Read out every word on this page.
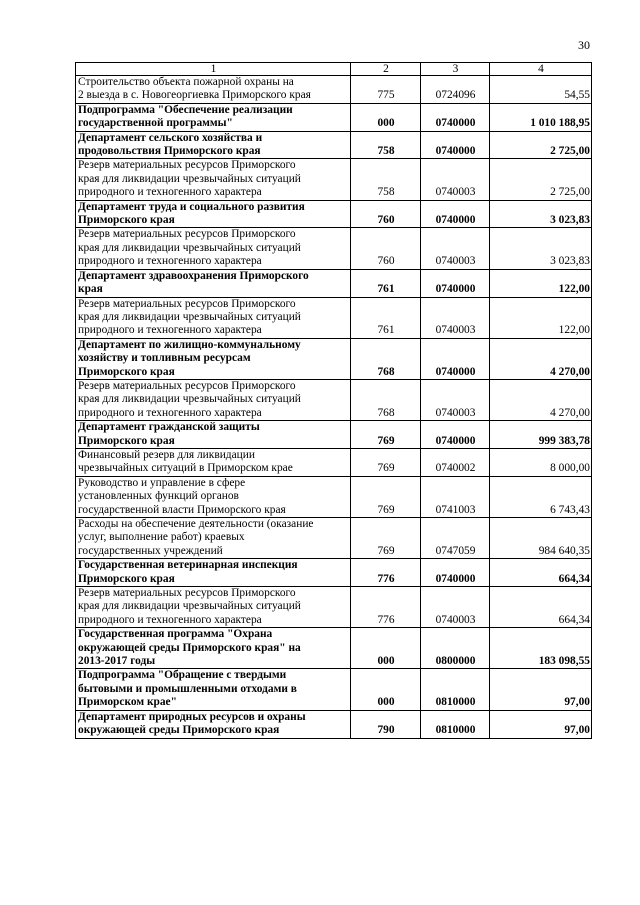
30
1	2	3	4
Строительство объекта пожарной охраны на
2 выезда в с. Новогеоргиевка Приморского края	775	0724096	54,55
Подпрограмма "Обеспечение реализации
государственной программы"	000	0740000	1 010 188,95
Департамент сельского хозяйства и
продовольствия Приморского края	758	0740000	2 725,00
Резерв материальных ресурсов Приморского
края для ликвидации чрезвычайных ситуаций
природного и техногенного характера	758	0740003	2 725,00
Департамент труда и социального развития
Приморского края	760	0740000	3 023,83
Резерв материальных ресурсов Приморского
края для ликвидации чрезвычайных ситуаций
природного и техногенного характера	760	0740003	3 023,83
Департамент здравоохранения Приморского
края	761	0740000	122,00
Резерв материальных ресурсов Приморского
края для ликвидации чрезвычайных ситуаций
природного и техногенного характера	761	0740003	122,00
Департамент по жилищно-коммунальному
хозяйству и топливным ресурсам
Приморского края	768	0740000	4 270,00
Резерв материальных ресурсов Приморского
края для ликвидации чрезвычайных ситуаций
природного и техногенного характера	768	0740003	4 270,00
Департамент гражданской защиты
Приморского края	769	0740000	999 383,78
Финансовый резерв для ликвидации
чрезвычайных ситуаций в Приморском крае	769	0740002	8 000,00
Руководство и управление в сфере
установленных функций органов
государственной власти Приморского края	769	0741003	6 743,43
Расходы на обеспечение деятельности (оказание
услуг, выполнение работ) краевых
государственных учреждений	769	0747059	984 640,35
Государственная ветеринарная инспекция
Приморского края	776	0740000	664,34
Резерв материальных ресурсов Приморского
края для ликвидации чрезвычайных ситуаций
природного и техногенного характера	776	0740003	664,34
Государственная программа "Охрана
окружающей среды Приморского края" на
2013-2017 годы	000	0800000	183 098,55
Подпрограмма "Обращение с твердыми
бытовыми и промышленными отходами в
Приморском крае"	000	0810000	97,00
Департамент природных ресурсов и охраны
окружающей среды Приморского края	790	0810000	97,00
